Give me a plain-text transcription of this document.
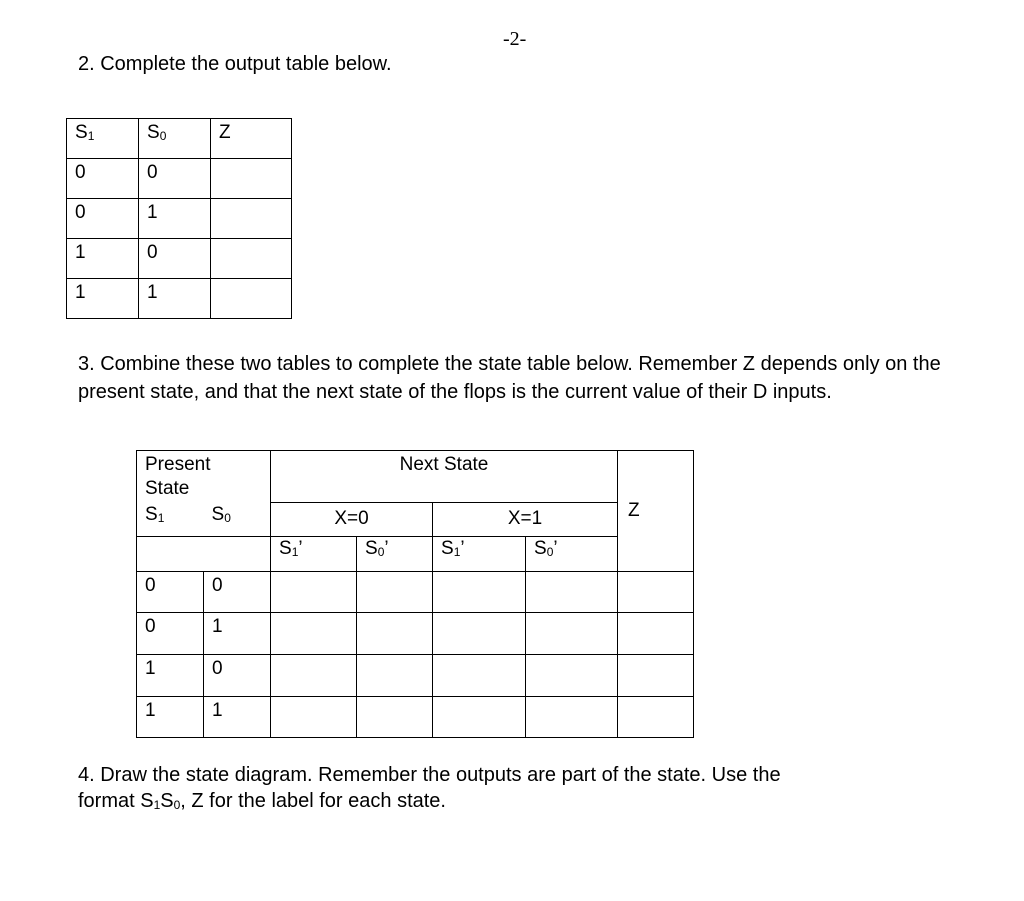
-2-

2. Complete the output table below.

$S_1$	$S_0$	Z
0	0	
0	1	
1	0	
1	1	

3. Combine these two tables to complete the state table below. Remember Z depends only on the present state, and that the next state of the flops is the current value of their D inputs.

Present
State		Next State				Z
$S_1$	$S_0$	X=0		X=1		
		$S_1$’	$S_0$’	$S_1$’	$S_0$’	
0	0					
0	1					
1	0					
1	1					
4. Draw the state diagram. Remember the outputs are part of the state. Use the
format $S_1S_0$, Z for the label for each state.
